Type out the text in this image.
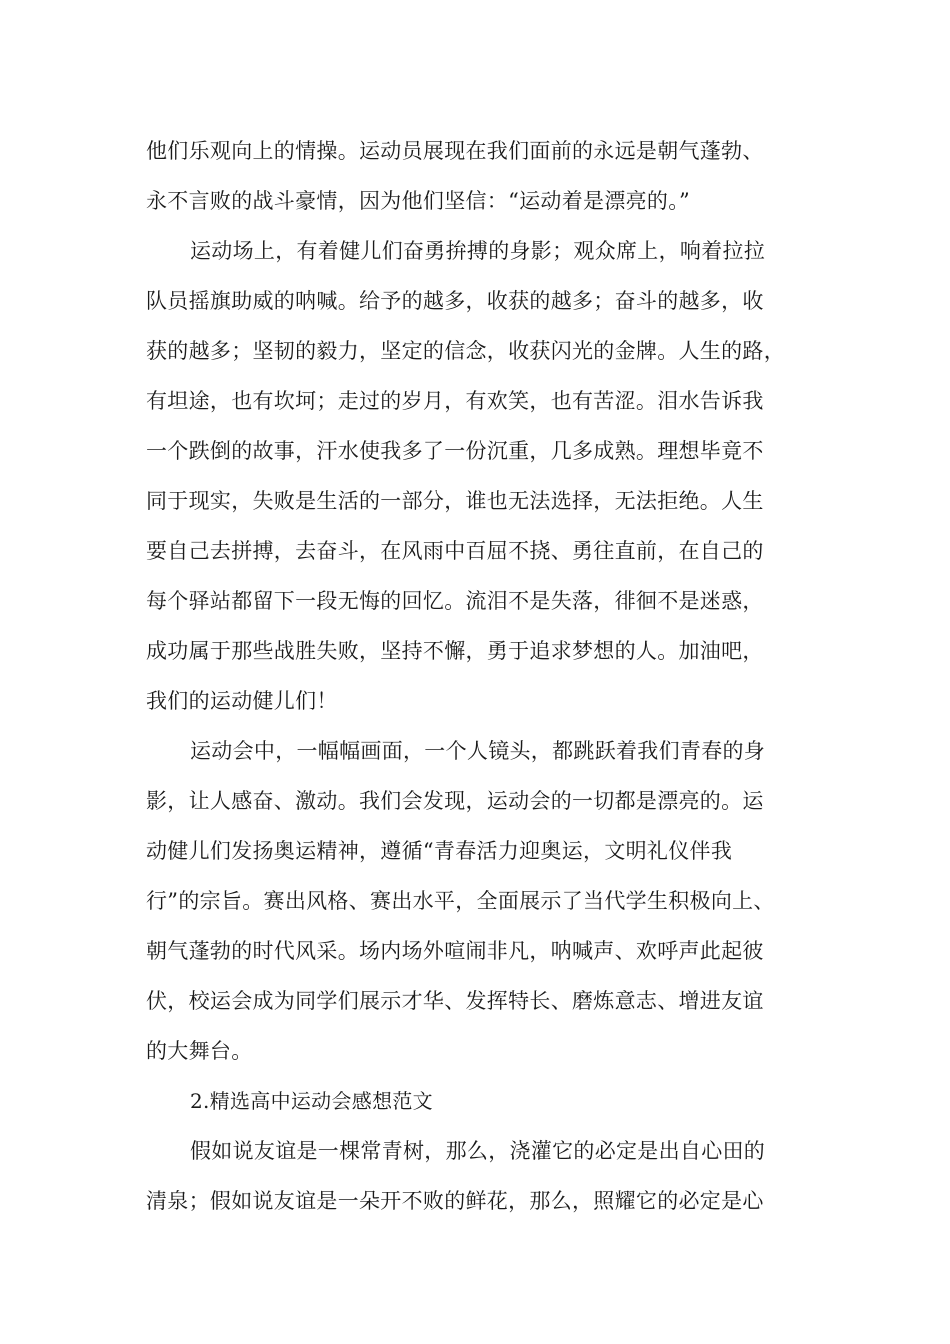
他们乐观向上的情操。运动员展现在我们面前的永远是朝气蓬勃、
永不言败的战斗豪情，因为他们坚信：“运动着是漂亮的。”
运动场上，有着健儿们奋勇拚搏的身影；观众席上，响着拉拉
队员摇旗助威的呐喊。给予的越多，收获的越多；奋斗的越多，收
获的越多；坚韧的毅力，坚定的信念，收获闪光的金牌。人生的路，
有坦途，也有坎坷；走过的岁月，有欢笑，也有苦涩。泪水告诉我
一个跌倒的故事，汗水使我多了一份沉重，几多成熟。理想毕竟不
同于现实，失败是生活的一部分，谁也无法选择，无法拒绝。人生
要自己去拼搏，去奋斗，在风雨中百屈不挠、勇往直前，在自己的
每个驿站都留下一段无悔的回忆。流泪不是失落，徘徊不是迷惑，
成功属于那些战胜失败，坚持不懈，勇于追求梦想的人。加油吧，
我们的运动健儿们！
运动会中，一幅幅画面，一个人镜头，都跳跃着我们青春的身
影，让人感奋、激动。我们会发现，运动会的一切都是漂亮的。运
动健儿们发扬奥运精神，遵循“青春活力迎奥运，文明礼仪伴我
行”的宗旨。赛出风格、赛出水平，全面展示了当代学生积极向上、
朝气蓬勃的时代风采。场内场外喧闹非凡，呐喊声、欢呼声此起彼
伏，校运会成为同学们展示才华、发挥特长、磨炼意志、增进友谊
的大舞台。
2.精选高中运动会感想范文
假如说友谊是一棵常青树，那么，浇灌它的必定是出自心田的
清泉；假如说友谊是一朵开不败的鲜花，那么，照耀它的必定是心
